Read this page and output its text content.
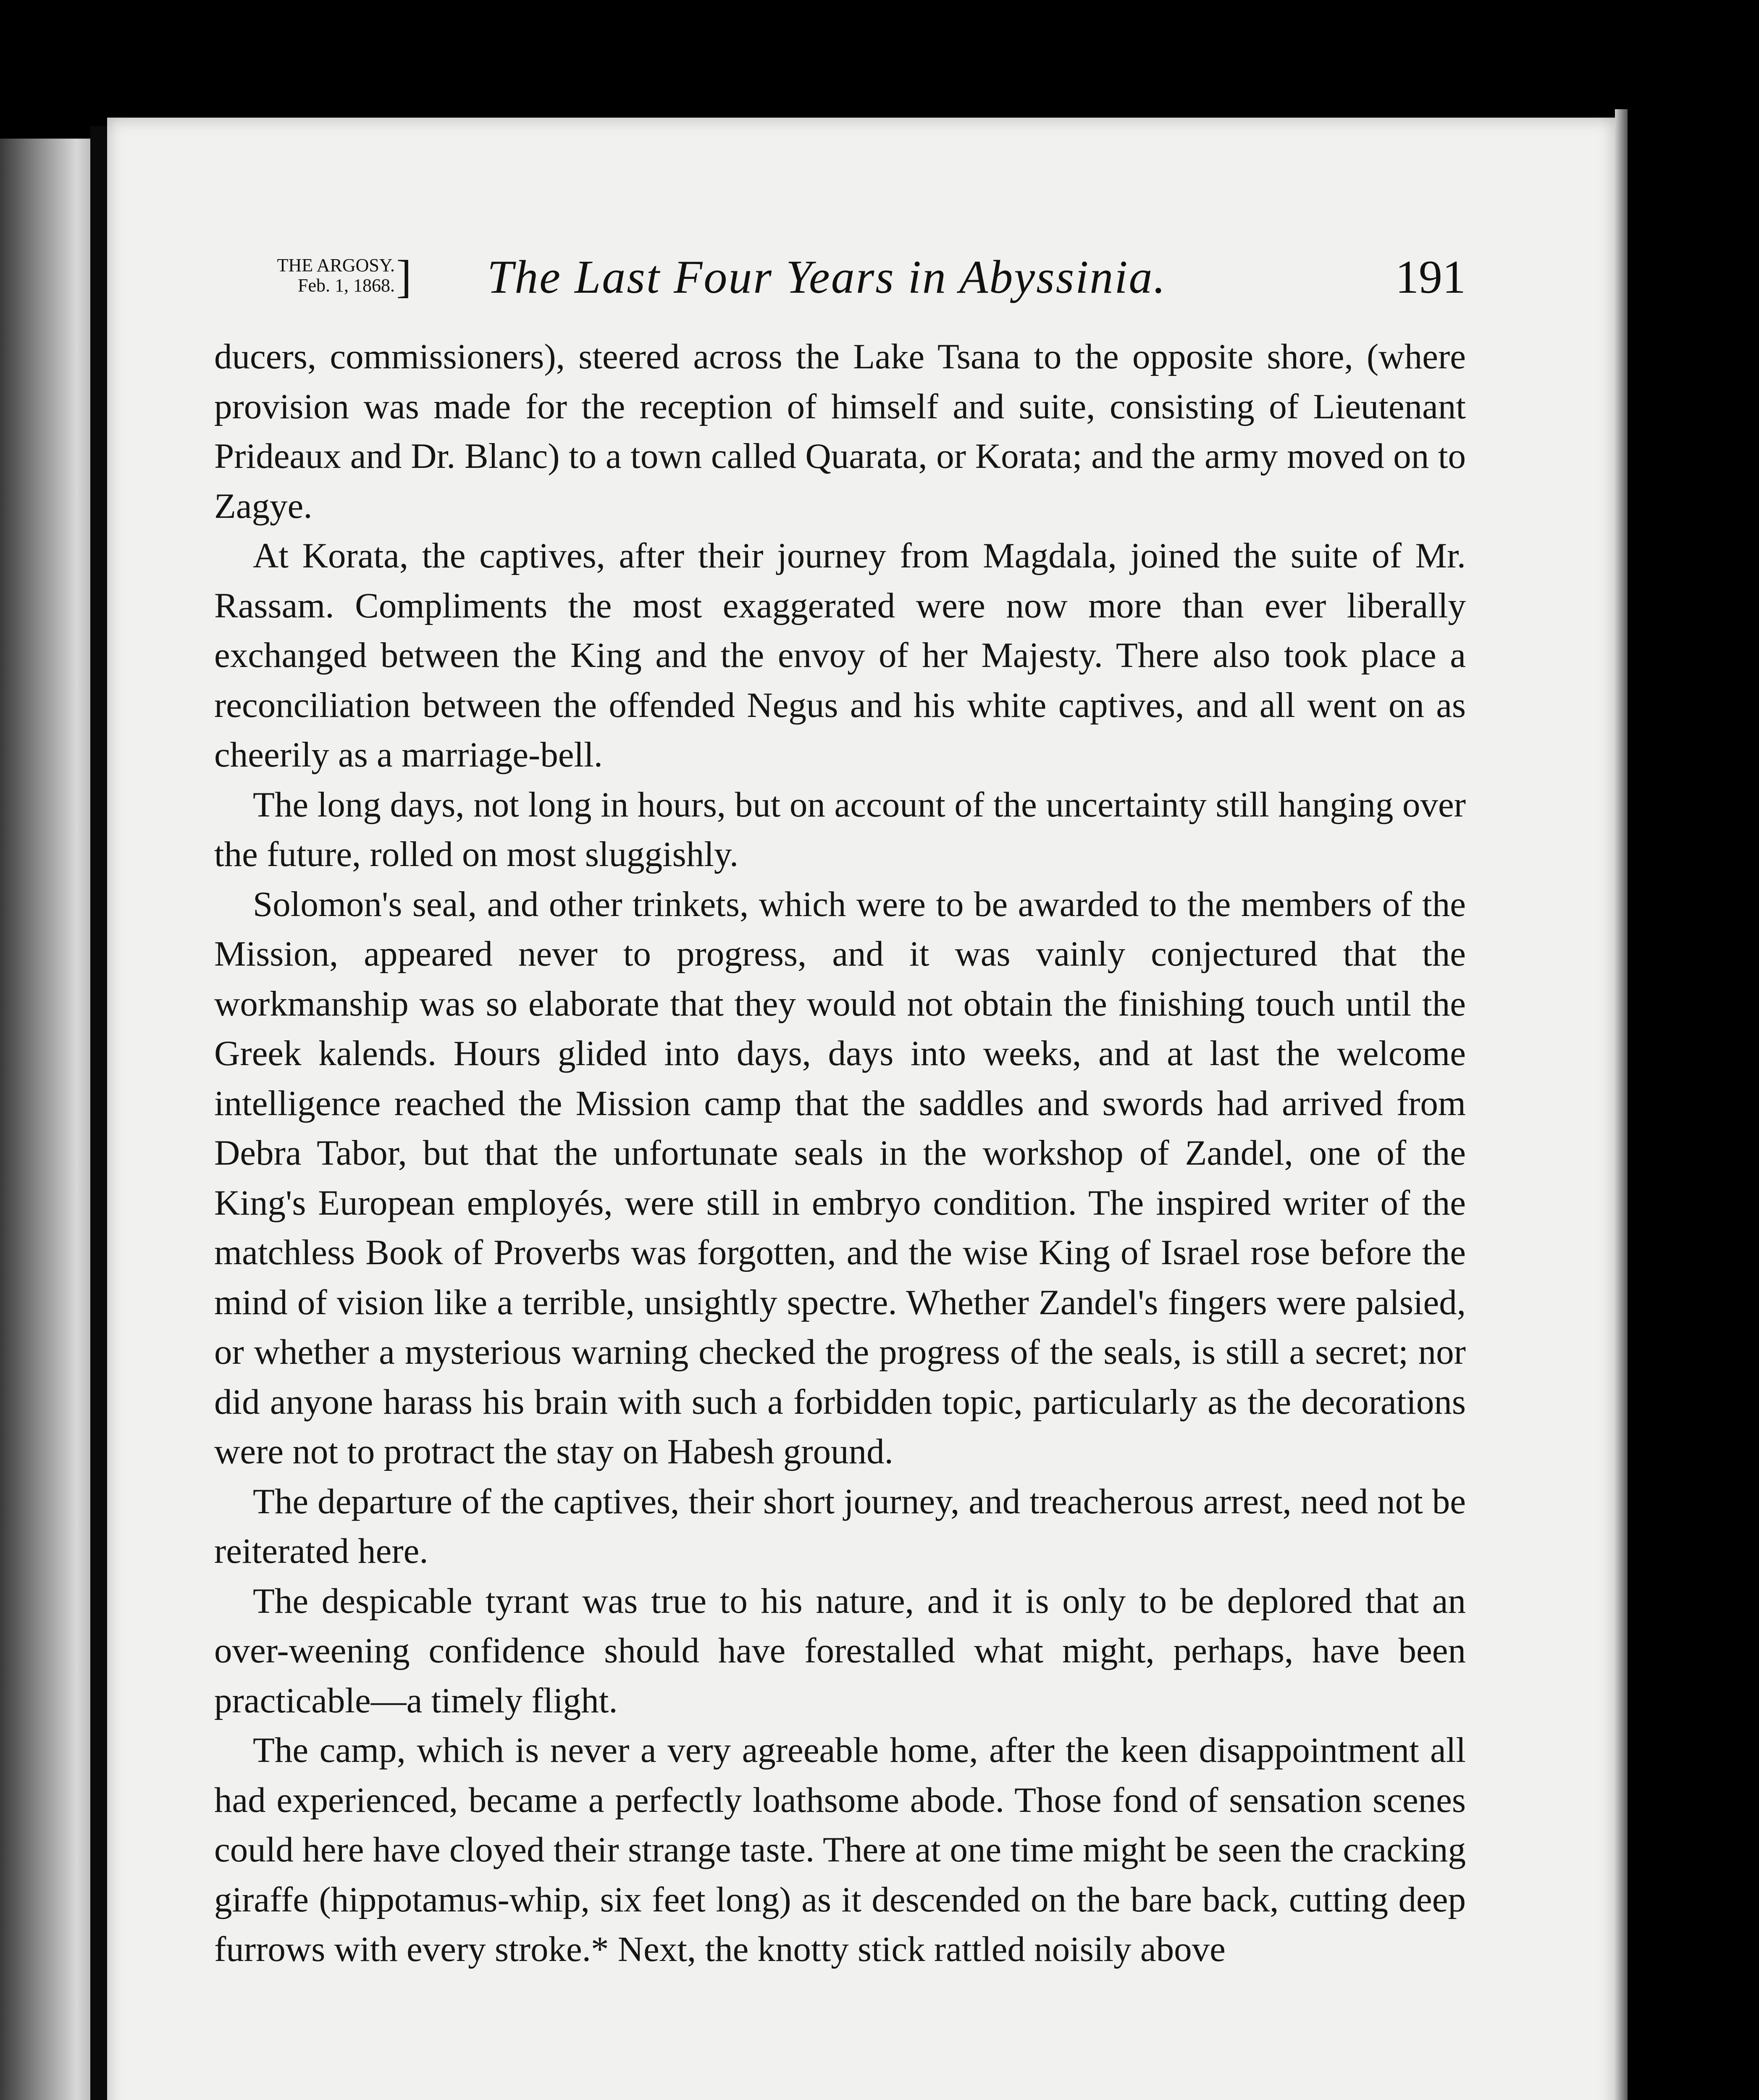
THE ARGOSY.
Feb. 1, 1868. ] The Last Four Years in Abyssinia.	191

ducers, commissioners), steered across the Lake Tsana to the opposite shore, (where provision was made for the reception of himself and suite, consisting of Lieutenant Prideaux and Dr. Blanc) to a town called Quarata, or Korata; and the army moved on to Zagye.

At Korata, the captives, after their journey from Magdala, joined the suite of Mr. Rassam. Compliments the most exaggerated were now more than ever liberally exchanged between the King and the envoy of her Majesty. There also took place a reconciliation between the offended Negus and his white captives, and all went on as cheerily as a marriage-bell.

The long days, not long in hours, but on account of the uncertainty still hanging over the future, rolled on most sluggishly.

Solomon's seal, and other trinkets, which were to be awarded to the members of the Mission, appeared never to progress, and it was vainly conjectured that the workmanship was so elaborate that they would not obtain the finishing touch until the Greek kalends. Hours glided into days, days into weeks, and at last the welcome intelligence reached the Mission camp that the saddles and swords had arrived from Debra Tabor, but that the unfortunate seals in the workshop of Zandel, one of the King's European employés, were still in embryo condition. The inspired writer of the matchless Book of Proverbs was forgotten, and the wise King of Israel rose before the mind of vision like a terrible, unsightly spectre. Whether Zandel's fingers were palsied, or whether a mysterious warning checked the progress of the seals, is still a secret; nor did anyone harass his brain with such a forbidden topic, particularly as the decorations were not to protract the stay on Habesh ground.

The departure of the captives, their short journey, and treacherous arrest, need not be reiterated here.

The despicable tyrant was true to his nature, and it is only to be deplored that an over-weening confidence should have forestalled what might, perhaps, have been practicable—a timely flight.

The camp, which is never a very agreeable home, after the keen disappointment all had experienced, became a perfectly loathsome abode. Those fond of sensation scenes could here have cloyed their strange taste. There at one time might be seen the cracking giraffe (hippotamus-whip, six feet long) as it descended on the bare back, cutting deep furrows with every stroke.* Next, the knotty stick rattled noisily above
